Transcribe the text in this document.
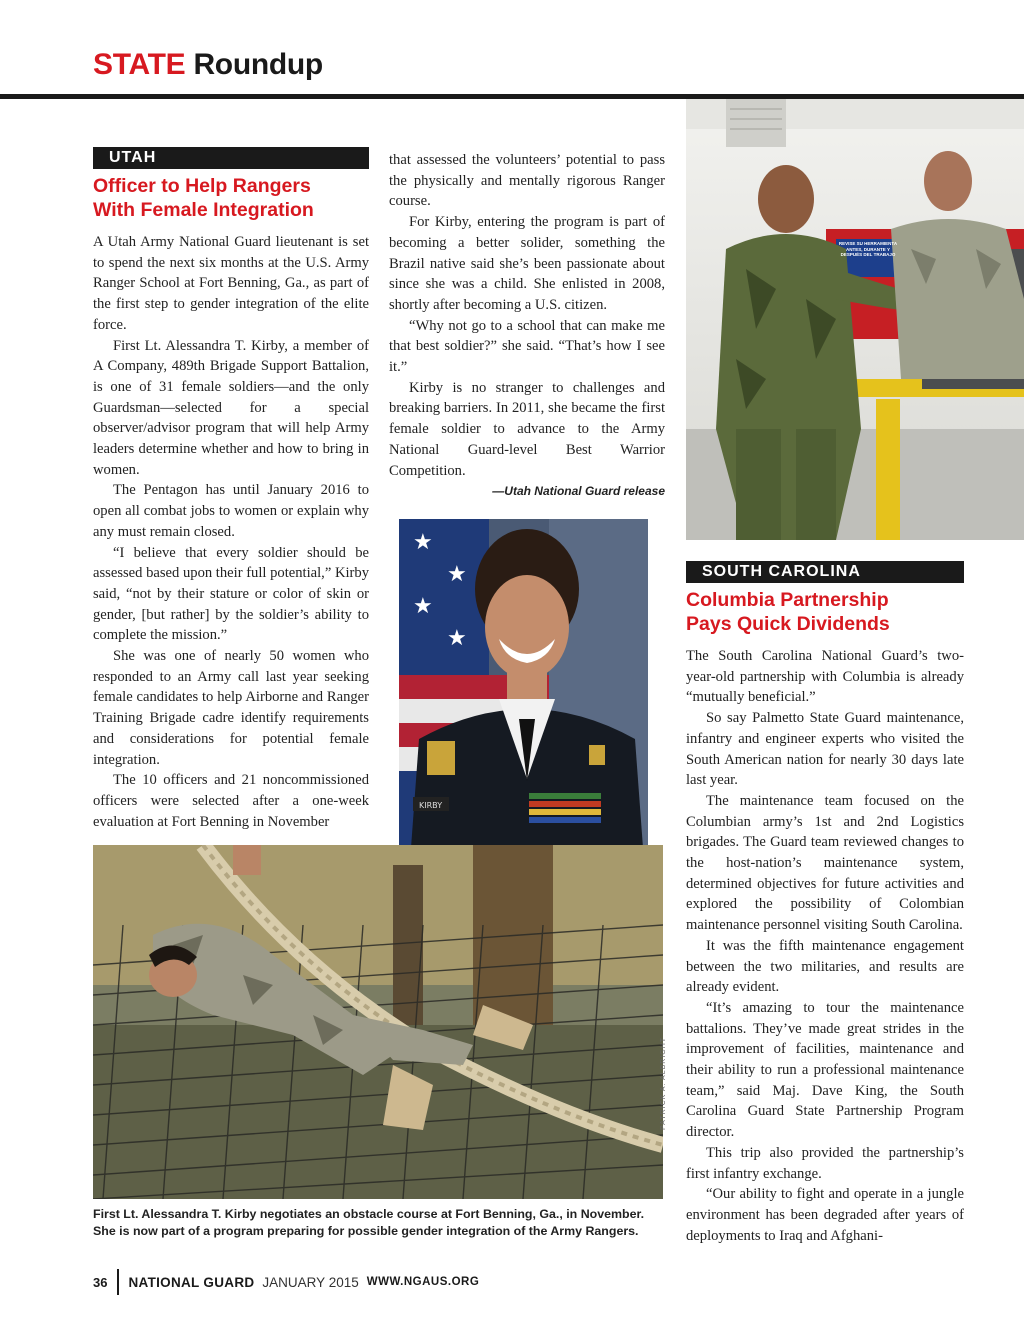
STATE Roundup
REVISE SU HERRAMIENTA ANTES, DURANTE Y DESPUÉS DEL TRABAJO
UTAH
Officer to Help Rangers
With Female Integration

A Utah Army National Guard lieutenant is set to spend the next six months at the U.S. Army Ranger School at Fort Benning, Ga., as part of the first step to gender integration of the elite force.

First Lt. Alessandra T. Kirby, a member of A Company, 489th Brigade Support Battalion, is one of 31 female soldiers—and the only Guardsman—selected for a special observer/advisor program that will help Army leaders determine whether and how to bring in women.

The Pentagon has until January 2016 to open all combat jobs to women or explain why any must remain closed.

“I believe that every soldier should be assessed based upon their full potential,” Kirby said, “not by their stature or color of skin or gender, [but rather] by the soldier’s ability to complete the mission.”

She was one of nearly 50 women who responded to an Army call last year seeking female candidates to help Airborne and Ranger Training Brigade cadre identify requirements and considerations for potential female integration.

The 10 officers and 21 noncommissioned officers were selected after a one-week evaluation at Fort Benning in November

that assessed the volunteers’ potential to pass the physically and mentally rigorous Ranger course.

For Kirby, entering the program is part of becoming a better solider, something the Brazil native said she’s been passionate about since she was a child. She enlisted in 2008, shortly after becoming a U.S. citizen.

“Why not go to a school that can make me that best soldier?” she said. “That’s how I see it.”

Kirby is no stranger to challenges and breaking barriers. In 2011, she became the first female soldier to advance to the Army National Guard-level Best Warrior Competition.

—Utah National Guard release
★
★
★
★
KIRBY
PATRICK A. ALBRIGHT
First Lt. Alessandra T. Kirby negotiates an obstacle course at Fort Benning, Ga., in November. She is now part of a program preparing for possible gender integration of the Army Rangers.
SOUTH CAROLINA
Columbia Partnership
Pays Quick Dividends

The South Carolina National Guard’s two-year-old partnership with Columbia is already “mutually beneficial.”

So say Palmetto State Guard maintenance, infantry and engineer experts who visited the South American nation for nearly 30 days late last year.

The maintenance team focused on the Columbian army’s 1st and 2nd Logistics brigades. The Guard team reviewed changes to the host-nation’s maintenance system, determined objectives for future activities and explored the possibility of Colombian maintenance personnel visiting South Carolina.

It was the fifth maintenance engagement between the two militaries, and results are already evident.

“It’s amazing to tour the maintenance battalions. They’ve made great strides in the improvement of facilities, maintenance and their ability to run a professional maintenance team,” said Maj. Dave King, the South Carolina Guard State Partnership Program director.

This trip also provided the partnership’s first infantry exchange.

“Our ability to fight and operate in a jungle environment has been degraded after years of deployments to Iraq and Afghani-

36 NATIONAL GUARD JANUARY 2015 WWW.NGAUS.ORG
